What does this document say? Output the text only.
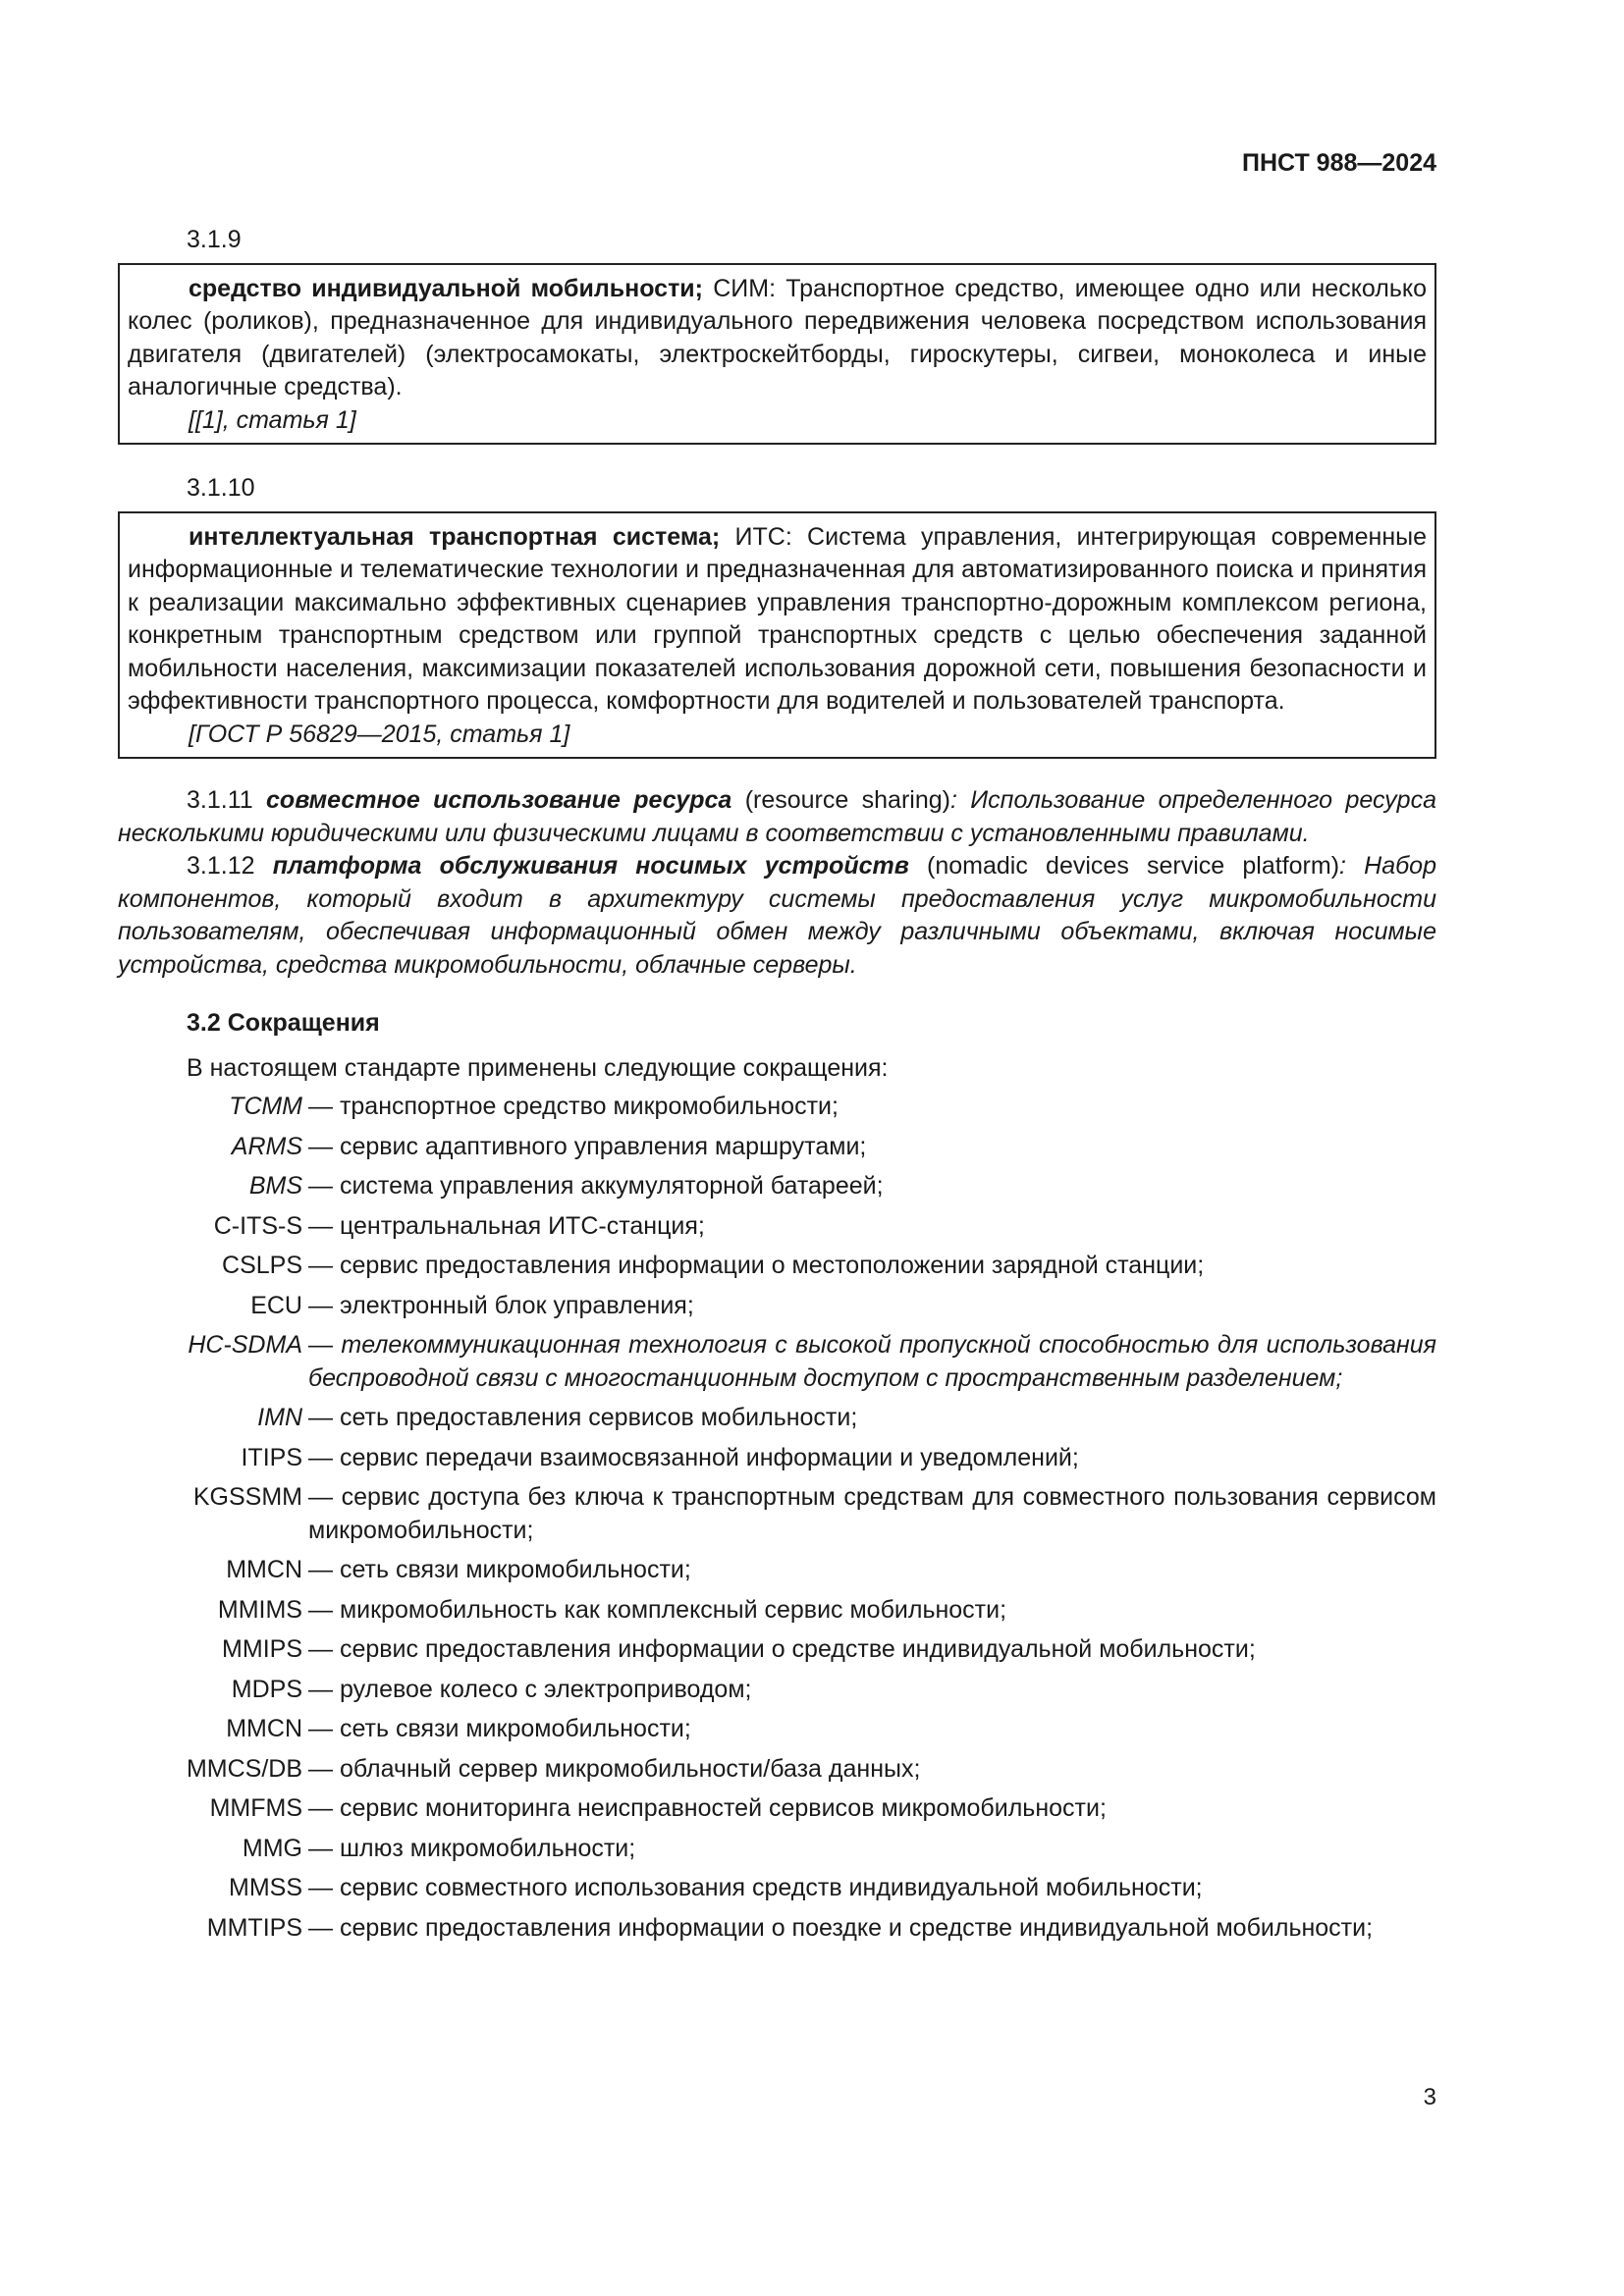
ПНСТ 988—2024

3.1.9

средство индивидуальной мобильности; СИМ: Транспортное средство, имеющее одно или несколько колес (роликов), предназначенное для индивидуального передвижения человека посредством использования двигателя (двигателей) (электросамокаты, электроскейтборды, гироскутеры, сигвеи, моноколеса и иные аналогичные средства).

[[1], статья 1]

3.1.10

интеллектуальная транспортная система; ИТС: Система управления, интегрирующая современные информационные и телематические технологии и предназначенная для автоматизированного поиска и принятия к реализации максимально эффективных сценариев управления транспортно-дорожным комплексом региона, конкретным транспортным средством или группой транспортных средств с целью обеспечения заданной мобильности населения, максимизации показателей использования дорожной сети, повышения безопасности и эффективности транспортного процесса, комфортности для водителей и пользователей транспорта.

[ГОСТ Р 56829—2015, статья 1]

3.1.11 совместное использование ресурса (resource sharing): Использование определенного ресурса несколькими юридическими или физическими лицами в соответствии с установленными правилами.

3.1.12 платформа обслуживания носимых устройств (nomadic devices service platform): Набор компонентов, который входит в архитектуру системы предоставления услуг микромобильности пользователям, обеспечивая информационный обмен между различными объектами, включая носимые устройства, средства микромобильности, облачные серверы.

3.2 Сокращения

В настоящем стандарте применены следующие сокращения:

ТСММ — транспортное средство микромобильности;
ARMS — сервис адаптивного управления маршрутами;
BMS — система управления аккумуляторной батареей;
C-ITS-S — центральнальная ИТС-станция;
CSLPS — сервис предоставления информации о местоположении зарядной станции;
ECU — электронный блок управления;
HC-SDMA — телекоммуникационная технология с высокой пропускной способностью для использования беспроводной связи с многостанционным доступом с пространственным разделением;
IMN — сеть предоставления сервисов мобильности;
ITIPS — сервис передачи взаимосвязанной информации и уведомлений;
KGSSMM — сервис доступа без ключа к транспортным средствам для совместного пользования сервисом микромобильности;
MMCN — сеть связи микромобильности;
MMIMS — микромобильность как комплексный сервис мобильности;
MMIPS — сервис предоставления информации о средстве индивидуальной мобильности;
MDPS — рулевое колесо с электроприводом;
MMCN — сеть связи микромобильности;
MMCS/DB — облачный сервер микромобильности/база данных;
MMFMS — сервис мониторинга неисправностей сервисов микромобильности;
MMG — шлюз микромобильности;
MMSS — сервис совместного использования средств индивидуальной мобильности;
MMTIPS — сервис предоставления информации о поездке и средстве индивидуальной мобильности;
3
